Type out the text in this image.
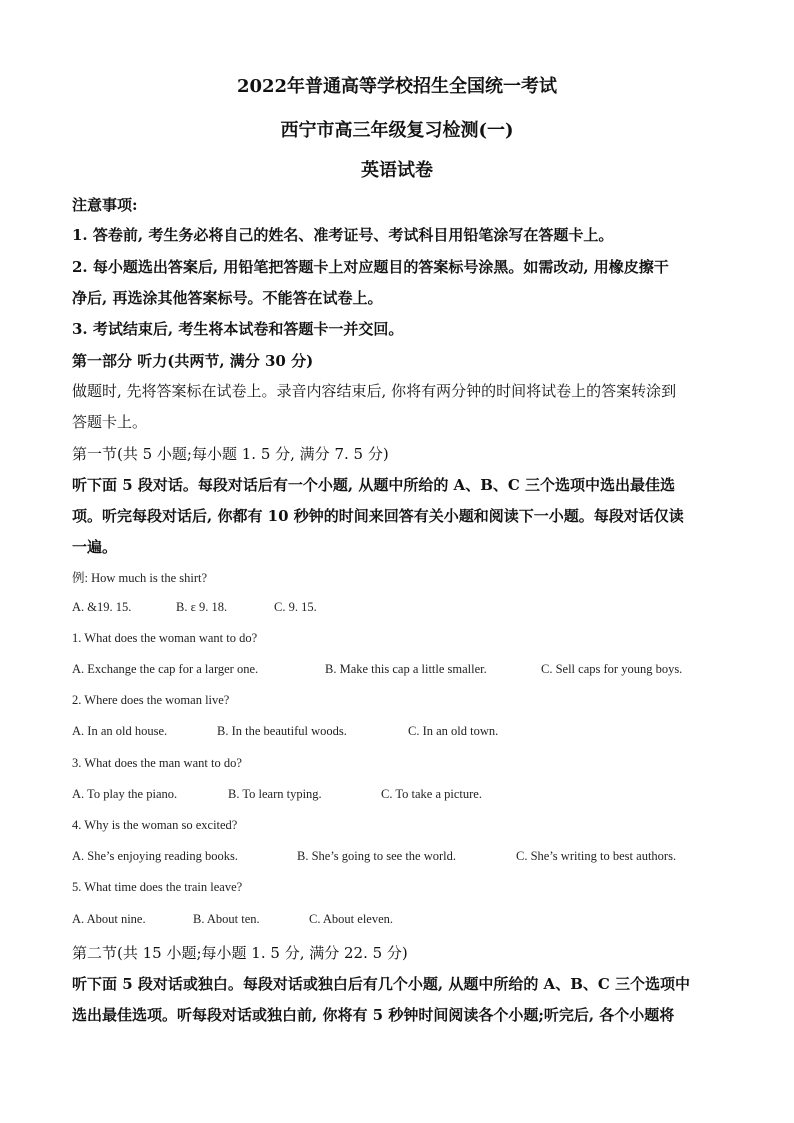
2022年普通高等学校招生全国统一考试
西宁市高三年级复习检测(一)
英语试卷
注意事项:
1. 答卷前, 考生务必将自己的姓名、准考证号、考试科目用铅笔涂写在答题卡上。
2. 每小题选出答案后, 用铅笔把答题卡上对应题目的答案标号涂黑。如需改动, 用橡皮擦干
净后, 再选涂其他答案标号。不能答在试卷上。
3. 考试结束后, 考生将本试卷和答题卡一并交回。
第一部分 听力(共两节, 满分 30 分)
做题时, 先将答案标在试卷上。录音内容结束后, 你将有两分钟的时间将试卷上的答案转涂到
答题卡上。
第一节(共 5 小题;每小题 1. 5 分, 满分 7. 5 分)
听下面 5 段对话。每段对话后有一个小题, 从题中所给的 A、B、C 三个选项中选出最佳选
项。听完每段对话后, 你都有 10 秒钟的时间来回答有关小题和阅读下一小题。每段对话仅读
一遍。
例: How much is the shirt?
A. &19. 15.	B. ε 9. 18.	C. 9. 15.
1. What does the woman want to do?
A. Exchange the cap for a larger one.	B. Make this cap a little smaller.	C. Sell caps for young boys.
2. Where does the woman live?
A. In an old house.	B. In the beautiful woods.	C. In an old town.
3. What does the man want to do?
A. To play the piano.	B. To learn typing.	C. To take a picture.
4. Why is the woman so excited?
A. She’s enjoying reading books.	B. She’s going to see the world.	C. She’s writing to best authors.
5. What time does the train leave?
A. About nine.	B. About ten.	C. About eleven.
第二节(共 15 小题;每小题 1. 5 分, 满分 22. 5 分)
听下面 5 段对话或独白。每段对话或独白后有几个小题, 从题中所给的 A、B、C 三个选项中
选出最佳选项。听每段对话或独白前, 你将有 5 秒钟时间阅读各个小题;听完后, 各个小题将
